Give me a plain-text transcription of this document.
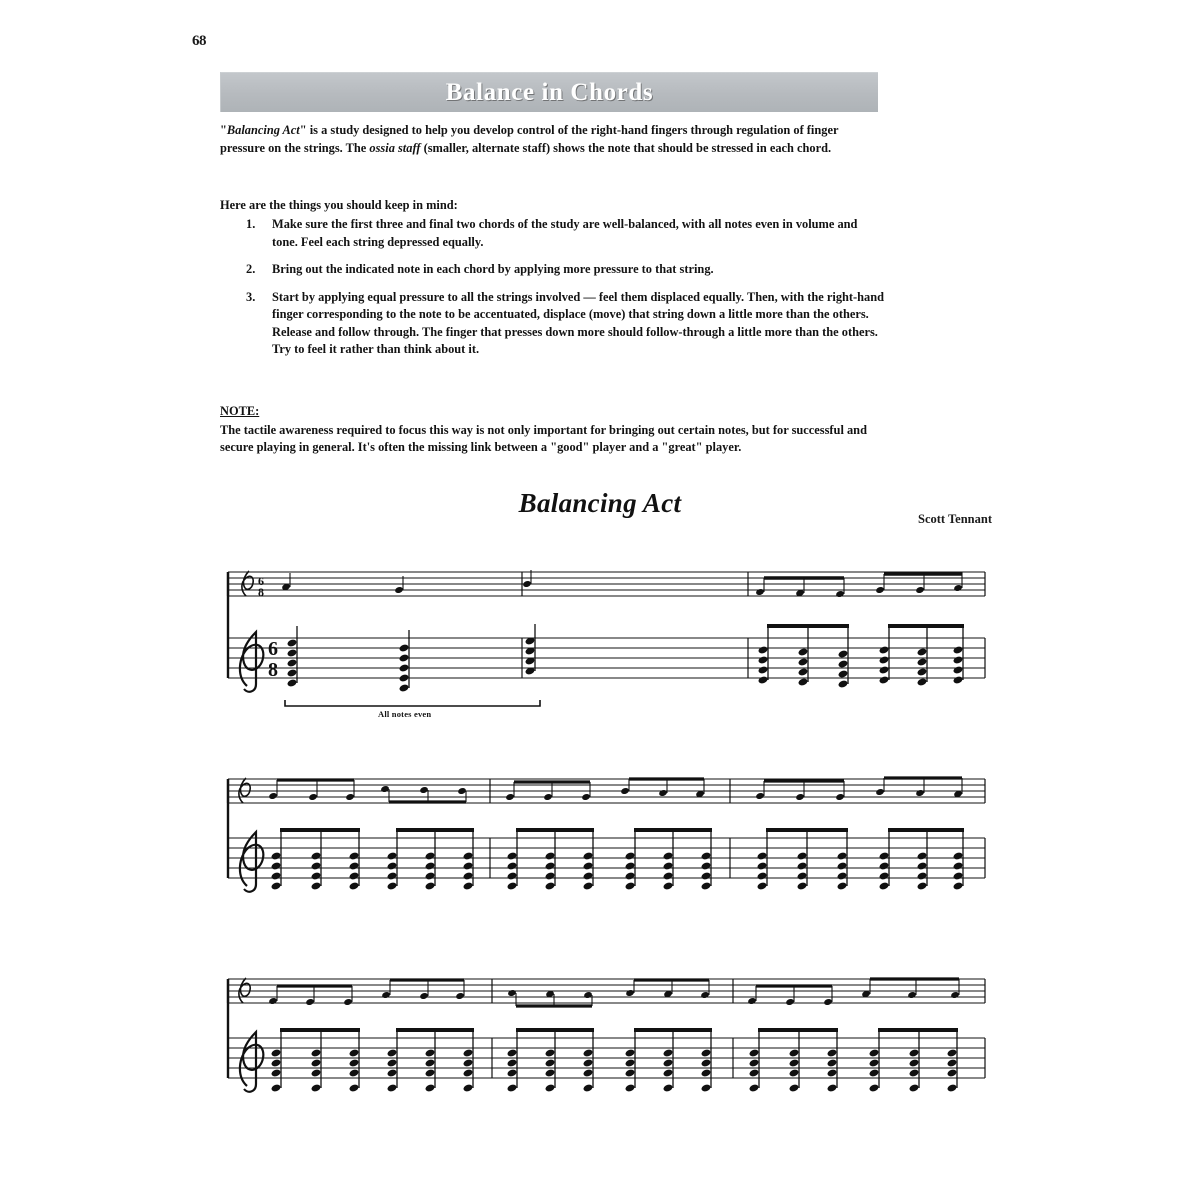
68
Balance in Chords
"Balancing Act" is a study designed to help you develop control of the right-hand fingers through regulation of finger pressure on the strings. The ossia staff (smaller, alternate staff) shows the note that should be stressed in each chord.
Here are the things you should keep in mind:
1.	Make sure the first three and final two chords of the study are well-balanced, with all notes even in volume and tone. Feel each string depressed equally.
2.	Bring out the indicated note in each chord by applying more pressure to that string.
3.	Start by applying equal pressure to all the strings involved — feel them displaced equally. Then, with the right-hand finger corresponding to the note to be accentuated, displace (move) that string down a little more than the others. Release and follow through. The finger that presses down more should follow-through a little more than the others. Try to feel it rather than think about it.
NOTE:
The tactile awareness required to focus this way is not only important for bringing out certain notes, but for successful and secure playing in general. It's often the missing link between a "good" player and a "great" player.
Balancing Act
Scott Tennant
6
8
6
8
All notes even
